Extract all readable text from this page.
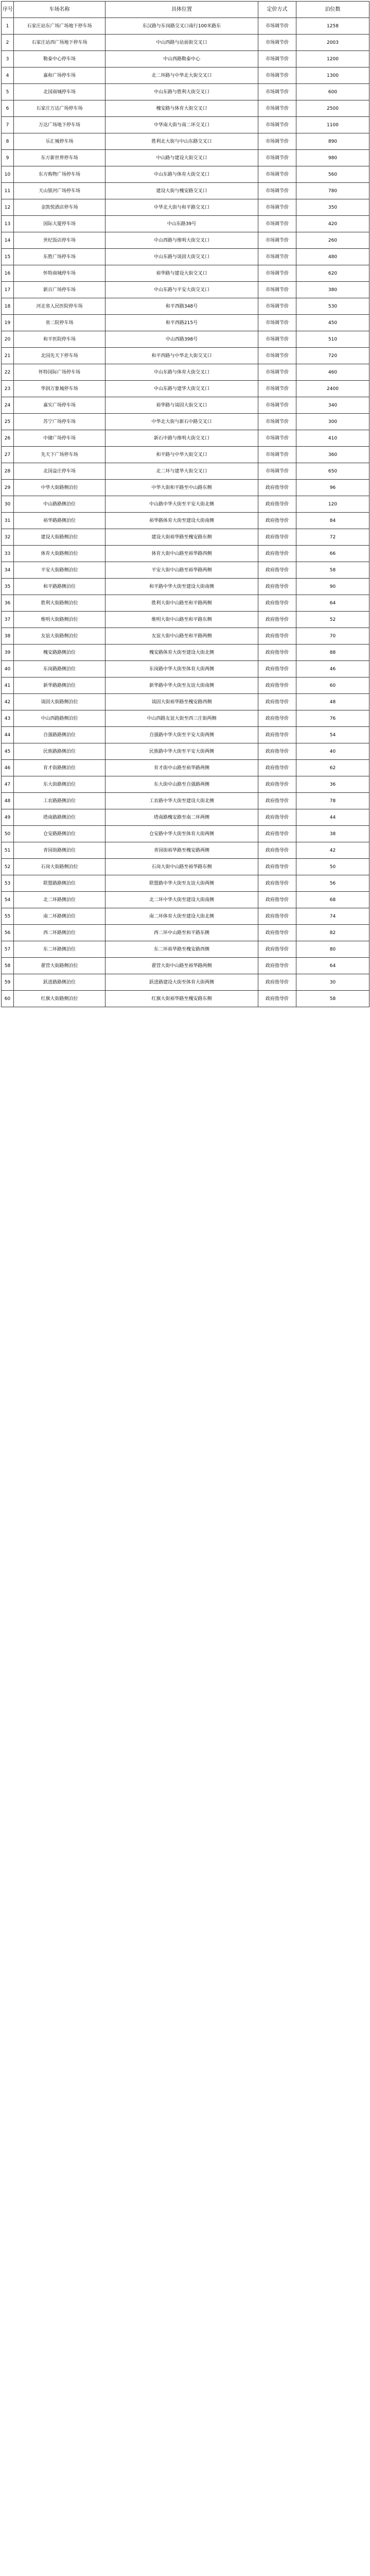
序号	车场名称	具体位置	定价方式	泊位数
1	石家庄站东广场广场地下停车场	东汉路与东岗路交叉口南行100米路东	市场调节价	1258
2	石家庄站西广场地下停车场	中山西路与站前街交叉口	市场调节价	2003
3	勒泰中心停车场	中山西路勒泰中心	市场调节价	1200
4	嘉和广场停车场	北二环路与中华北大街交叉口	市场调节价	1300
5	北国商城停车场	中山东路与胜利大街交叉口	市场调节价	600
6	石家庄万达广场停车场	槐安路与体育大街交叉口	市场调节价	2500
7	万达广场地下停车场	中华南大街与南二环交叉口	市场调节价	1100
8	乐汇城停车场	胜利北大街与中山东路交叉口	市场调节价	890
9	东方新世界停车场	中山路与建设大街交叉口	市场调节价	980
10	东方购物广场停车场	中山东路与体育大街交叉口	市场调节价	560
11	天山银河广场停车场	建设大街与槐安路交叉口	市场调节价	780
12	金凯悦酒店停车场	中华北大街与和平路交叉口	市场调节价	350
13	国际大厦停车场	中山东路39号	市场调节价	420
14	世纪饭店停车场	中山西路与维明大街交叉口	市场调节价	260
15	东胜广场停车场	中山东路与谈固大街交叉口	市场调节价	480
16	怀特商城停车场	裕华路与建设大街交叉口	市场调节价	620
17	新百广场停车场	中山东路与平安大街交叉口	市场调节价	380
18	河北省人民医院停车场	和平西路348号	市场调节价	530
19	省二院停车场	和平西路215号	市场调节价	450
20	和平医院停车场	中山西路398号	市场调节价	510
21	北国先天下停车场	和平西路与中华北大街交叉口	市场调节价	720
22	怀特国际广场停车场	中山东路与体育大街交叉口	市场调节价	460
23	华润万象城停车场	中山东路与建华大街交叉口	市场调节价	2400
24	嘉实广场停车场	裕华路与谈固大街交叉口	市场调节价	340
25	苏宁广场停车场	中华北大街与新石中路交叉口	市场调节价	300
26	中储广场停车场	新石中路与维明大街交叉口	市场调节价	410
27	先天下广场停车场	和平路与中华大街交叉口	市场调节价	360
28	北国益庄停车场	北二环与建华大街交叉口	市场调节价	650
29	中华大街路侧泊位	中华大街和平路至中山路东侧	政府指导价	96
30	中山路路侧泊位	中山路中华大街至平安大街北侧	政府指导价	120
31	裕华路路侧泊位	裕华路体育大街至建设大街南侧	政府指导价	84
32	建设大街路侧泊位	建设大街裕华路至槐安路东侧	政府指导价	72
33	体育大街路侧泊位	体育大街中山路至裕华路西侧	政府指导价	66
34	平安大街路侧泊位	平安大街中山路至裕华路两侧	政府指导价	58
35	和平路路侧泊位	和平路中华大街至建设大街南侧	政府指导价	90
36	胜利大街路侧泊位	胜利大街中山路至和平路两侧	政府指导价	64
37	维明大街路侧泊位	维明大街中山路至和平路东侧	政府指导价	52
38	友谊大街路侧泊位	友谊大街中山路至和平路两侧	政府指导价	70
39	槐安路路侧泊位	槐安路体育大街至建设大街北侧	政府指导价	88
40	东岗路路侧泊位	东岗路中华大街至体育大街两侧	政府指导价	46
41	新华路路侧泊位	新华路中华大街至友谊大街南侧	政府指导价	60
42	谈固大街路侧泊位	谈固大街裕华路至槐安路西侧	政府指导价	48
43	中山西路路侧泊位	中山西路友谊大街至西三庄街两侧	政府指导价	76
44	自强路路侧泊位	自强路中华大街至平安大街两侧	政府指导价	54
45	民族路路侧泊位	民族路中华大街至平安大街两侧	政府指导价	40
46	育才街路侧泊位	育才街中山路至裕华路两侧	政府指导价	62
47	东大街路侧泊位	东大街中山路至自强路两侧	政府指导价	36
48	工农路路侧泊位	工农路中华大街至建设大街北侧	政府指导价	78
49	塔南路路侧泊位	塔南路槐安路至南二环两侧	政府指导价	44
50	仓安路路侧泊位	仓安路中华大街至体育大街两侧	政府指导价	38
51	青园街路侧泊位	青园街裕华路至槐安路两侧	政府指导价	42
52	石岗大街路侧泊位	石岗大街中山路至裕华路东侧	政府指导价	50
53	联盟路路侧泊位	联盟路中华大街至友谊大街两侧	政府指导价	56
54	北二环路侧泊位	北二环中华大街至建设大街南侧	政府指导价	68
55	南二环路侧泊位	南二环体育大街至建设大街北侧	政府指导价	74
56	西二环路侧泊位	西二环中山路至和平路东侧	政府指导价	82
57	东二环路侧泊位	东二环裕华路至槐安路西侧	政府指导价	80
58	翟营大街路侧泊位	翟营大街中山路至裕华路两侧	政府指导价	64
59	跃进路路侧泊位	跃进路建设大街至体育大街两侧	政府指导价	30
60	红旗大街路侧泊位	红旗大街裕华路至槐安路东侧	政府指导价	58
